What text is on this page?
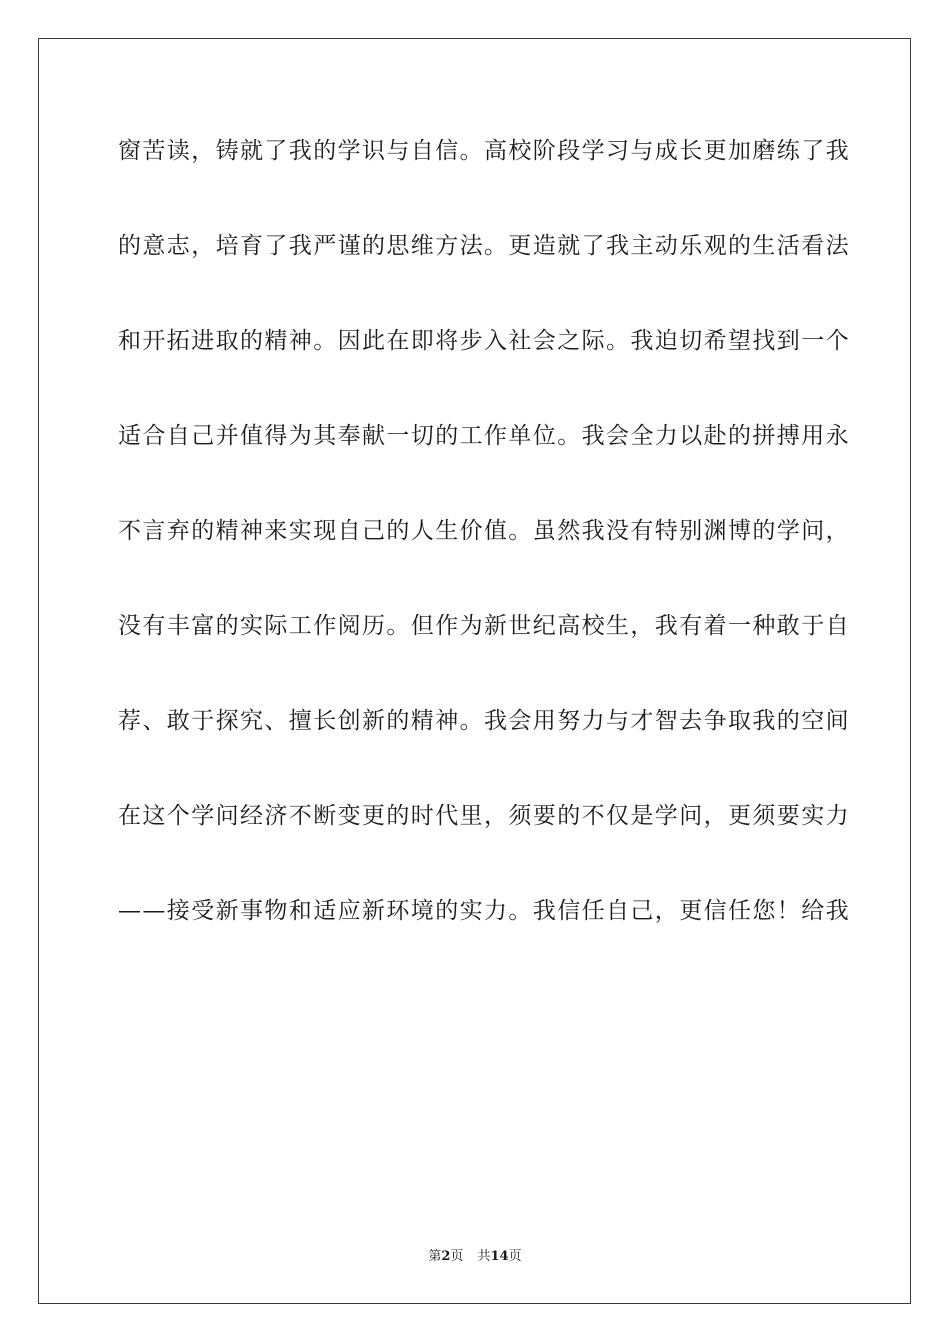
窗苦读，铸就了我的学识与自信。高校阶段学习与成长更加磨练了我
的意志，培育了我严谨的思维方法。更造就了我主动乐观的生活看法
和开拓进取的精神。因此在即将步入社会之际。我迫切希望找到一个
适合自己并值得为其奉献一切的工作单位。我会全力以赴的拼搏用永
不言弃的精神来实现自己的人生价值。虽然我没有特别渊博的学问，
没有丰富的实际工作阅历。但作为新世纪高校生，我有着一种敢于自
荐、敢于探究、擅长创新的精神。我会用努力与才智去争取我的空间
在这个学问经济不断变更的时代里，须要的不仅是学问，更须要实力
——接受新事物和适应新环境的实力。我信任自己，更信任您！给我
第2页 共14页
